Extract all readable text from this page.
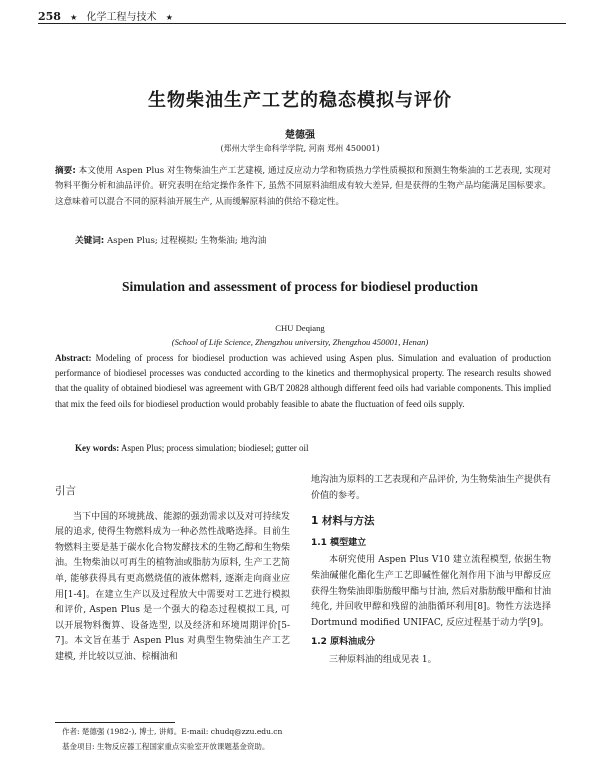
258 ★ 化学工程与技术 ★
生物柴油生产工艺的稳态模拟与评价
楚德强
(郑州大学生命科学学院, 河南 郑州 450001)
摘要: 本文使用 Aspen Plus 对生物柴油生产工艺建模, 通过反应动力学和物质热力学性质模拟和预测生物柴油的工艺表现, 实现对物料平衡分析和油品评价。研究表明在给定操作条件下, 虽然不同原料油组成有较大差异, 但是获得的生物产品均能满足国标要求。这意味着可以混合不同的原料油开展生产, 从而缓解原料油的供给不稳定性。
关键词: Aspen Plus; 过程模拟; 生物柴油; 地沟油
Simulation and assessment of process for biodiesel production
CHU Deqiang
(School of Life Science, Zhengzhou university, Zhengzhou 450001, Henan)
Abstract: Modeling of process for biodiesel production was achieved using Aspen plus. Simulation and evaluation of production performance of biodiesel processes was conducted according to the kinetics and thermophysical property. The research results showed that the quality of obtained biodiesel was agreement with GB/T 20828 although different feed oils had variable components. This implied that mix the feed oils for biodiesel production would probably feasible to abate the fluctuation of feed oils supply.
Key words: Aspen Plus; process simulation; biodiesel; gutter oil

引言

当下中国的环境挑战、能源的强劲需求以及对可持续发展的追求, 使得生物燃料成为一种必然性战略选择。目前生物燃料主要是基于碳水化合物发酵技术的生物乙醇和生物柴油。生物柴油以可再生的植物油或脂肪为原料, 生产工艺简单, 能够获得具有更高燃烧值的液体燃料, 逐渐走向商业应用[1-4]。在建立生产以及过程放大中需要对工艺进行模拟和评价, Aspen Plus 是一个强大的稳态过程模拟工具, 可以开展物料衡算、设备选型, 以及经济和环境周期评价[5-7]。本文旨在基于 Aspen Plus 对典型生物柴油生产工艺建模, 并比较以豆油、棕榈油和

地沟油为原料的工艺表现和产品评价, 为生物柴油生产提供有价值的参考。

1 材料与方法

1.1 模型建立

本研究使用 Aspen Plus V10 建立流程模型, 依据生物柴油碱催化酯化生产工艺即碱性催化剂作用下油与甲醇反应获得生物柴油即脂肪酸甲酯与甘油, 然后对脂肪酸甲酯和甘油纯化, 并回收甲醇和残留的油脂循环利用[8]。物性方法选择 Dortmund modified UNIFAC, 反应过程基于动力学[9]。

1.2 原料油成分

三种原料油的组成见表 1。

作者: 楚德强 (1982-), 博士, 讲师。E-mail: chudq@zzu.edu.cn
基金项目: 生物反应器工程国家重点实验室开放课题基金资助。
